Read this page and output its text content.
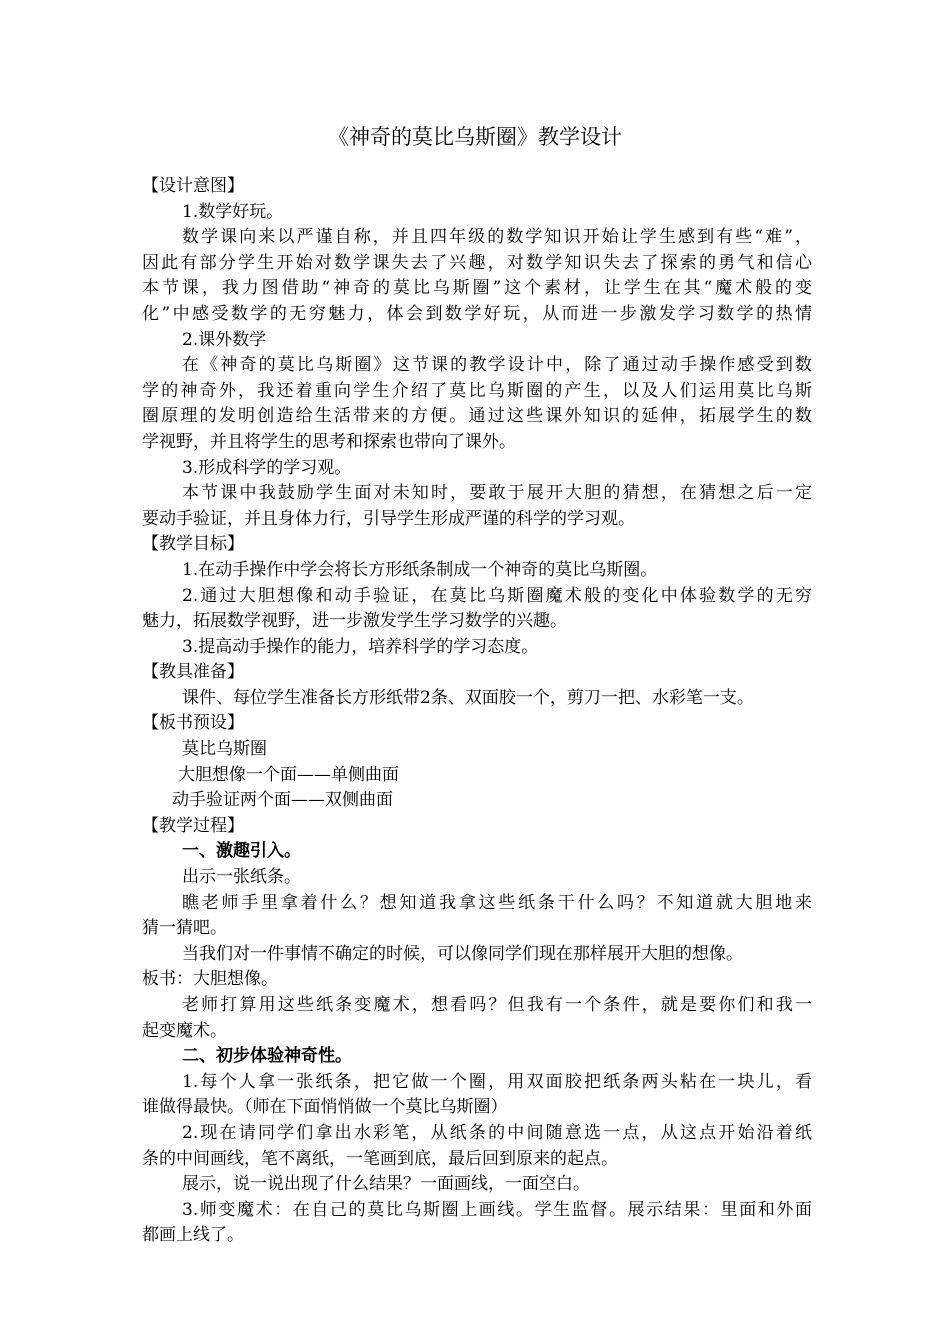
《神奇的莫比乌斯圈》教学设计
【设计意图】
1.数学好玩。
数学课向来以严谨自称，并且四年级的数学知识开始让学生感到有些“难”，
因此有部分学生开始对数学课失去了兴趣，对数学知识失去了探索的勇气和信心
本节课，我力图借助“神奇的莫比乌斯圈”这个素材，让学生在其“魔术般的变
化”中感受数学的无穷魅力，体会到数学好玩，从而进一步激发学习数学的热情
2.课外数学
在《神奇的莫比乌斯圈》这节课的教学设计中，除了通过动手操作感受到数
学的神奇外，我还着重向学生介绍了莫比乌斯圈的产生，以及人们运用莫比乌斯
圈原理的发明创造给生活带来的方便。通过这些课外知识的延伸，拓展学生的数
学视野，并且将学生的思考和探索也带向了课外。
3.形成科学的学习观。
本节课中我鼓励学生面对未知时，要敢于展开大胆的猜想，在猜想之后一定
要动手验证，并且身体力行，引导学生形成严谨的科学的学习观。
【教学目标】
1.在动手操作中学会将长方形纸条制成一个神奇的莫比乌斯圈。
2.通过大胆想像和动手验证，在莫比乌斯圈魔术般的变化中体验数学的无穷
魅力，拓展数学视野，进一步激发学生学习数学的兴趣。
3.提高动手操作的能力，培养科学的学习态度。
【教具准备】
课件、每位学生准备长方形纸带2条、双面胶一个，剪刀一把、水彩笔一支。
【板书预设】
莫比乌斯圈
大胆想像一个面——单侧曲面
动手验证两个面——双侧曲面
【教学过程】
一、激趣引入。
出示一张纸条。
瞧老师手里拿着什么？想知道我拿这些纸条干什么吗？不知道就大胆地来
猜一猜吧。
当我们对一件事情不确定的时候，可以像同学们现在那样展开大胆的想像。
板书：大胆想像。
老师打算用这些纸条变魔术，想看吗？但我有一个条件，就是要你们和我一
起变魔术。
二、初步体验神奇性。
1.每个人拿一张纸条，把它做一个圈，用双面胶把纸条两头粘在一块儿，看
谁做得最快。（师在下面悄悄做一个莫比乌斯圈）
2.现在请同学们拿出水彩笔，从纸条的中间随意选一点，从这点开始沿着纸
条的中间画线，笔不离纸，一笔画到底，最后回到原来的起点。
展示，说一说出现了什么结果？一面画线，一面空白。
3.师变魔术：在自己的莫比乌斯圈上画线。学生监督。展示结果：里面和外面
都画上线了。
